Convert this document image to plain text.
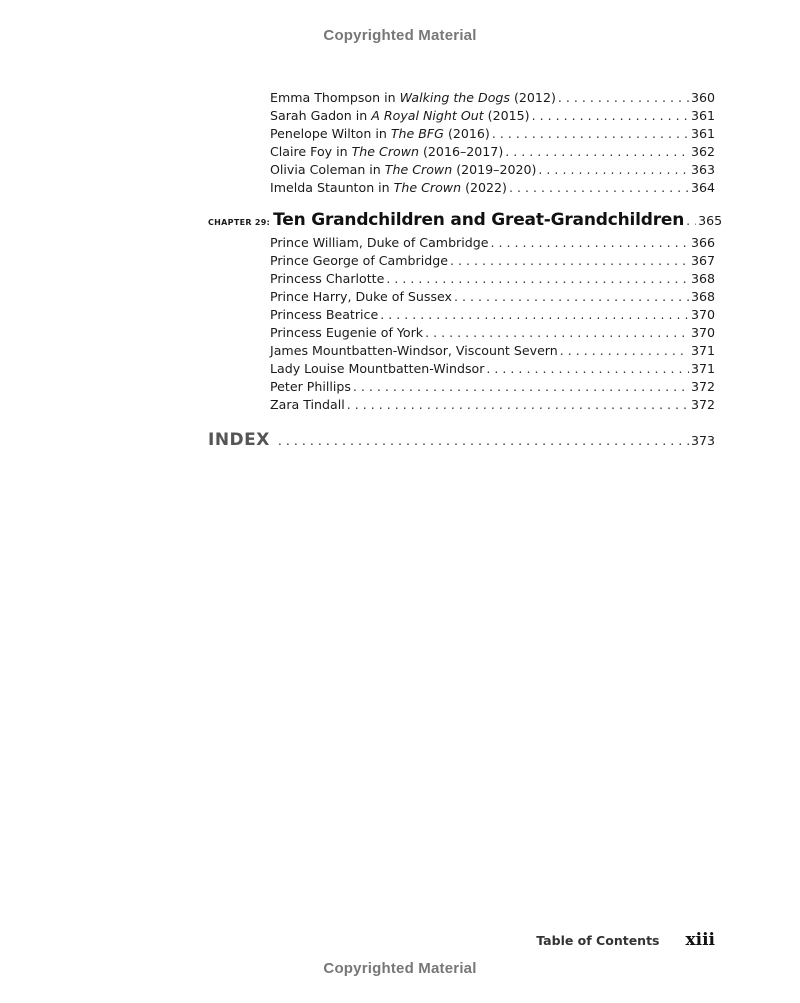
Copyrighted Material
Emma Thompson in Walking the Dogs (2012) . . .	360
Sarah Gadon in A Royal Night Out (2015) . . .	361
Penelope Wilton in The BFG (2016) . . .	361
Claire Foy in The Crown (2016–2017) . . .	362
Olivia Coleman in The Crown (2019–2020) . . .	363
Imelda Staunton in The Crown (2022) . . .	364
CHAPTER 29: Ten Grandchildren and Great-Grandchildren . . . 365
Prince William, Duke of Cambridge . . .	366
Prince George of Cambridge . . .	367
Princess Charlotte . . .	368
Prince Harry, Duke of Sussex . . .	368
Princess Beatrice . . .	370
Princess Eugenie of York . . .	370
James Mountbatten-Windsor, Viscount Severn . . .	371
Lady Louise Mountbatten-Windsor . . .	371
Peter Phillips . . .	372
Zara Tindall . . .	372
INDEX . . .	373
Table of Contents xiii
Copyrighted Material
